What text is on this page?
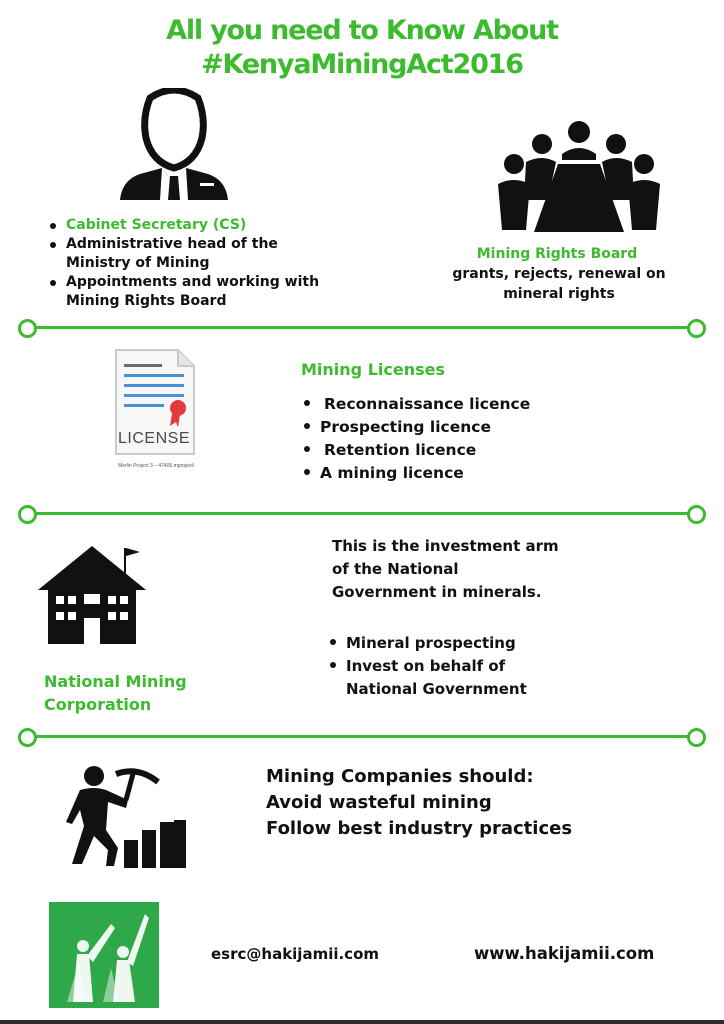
All you need to Know About
#KenyaMiningAct2016
Cabinet Secretary (CS)
Administrative head of the Ministry of Mining
Appointments and working with Mining Rights Board
Mining Rights Board
grants, rejects, renewal on mineral rights
LICENSE
Merlin Project 3 – 47406.mprojectl
Mining Licenses
Reconnaissance licence
Prospecting licence
Retention licence
A mining licence
National Mining
Corporation
This is the investment arm of the National Government in minerals.
Mineral prospecting
Invest on behalf of National Government
Mining Companies should:
Avoid wasteful mining
Follow best industry practices
esrc@hakijamii.com	www.hakijamii.com
